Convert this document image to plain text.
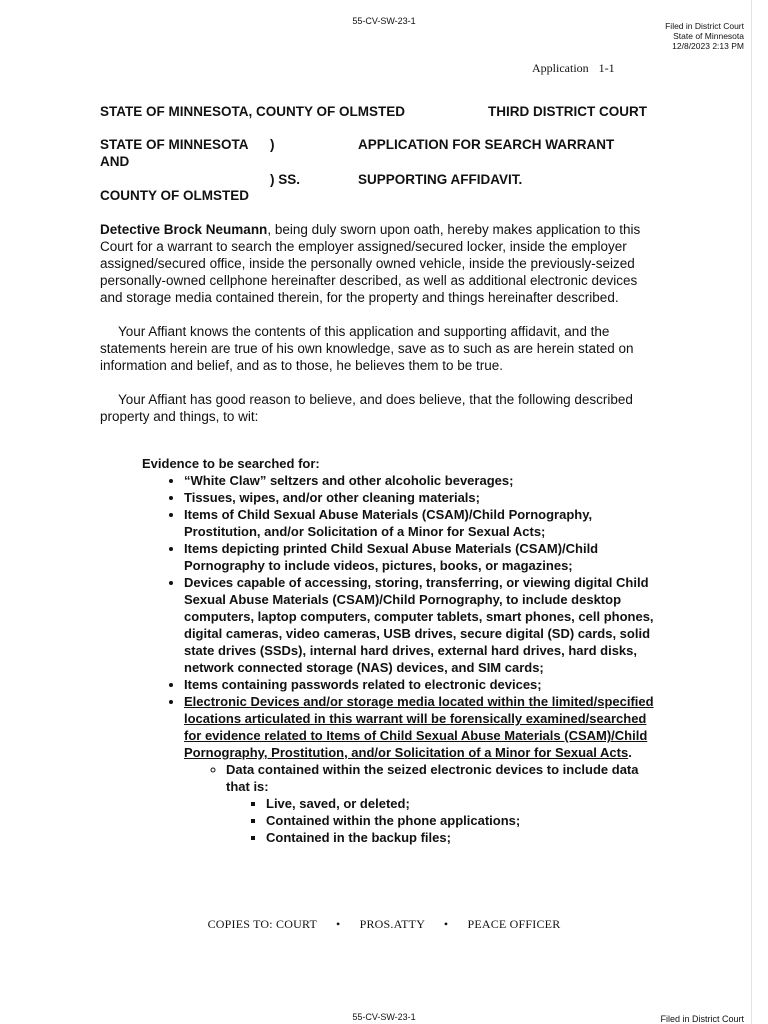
55-CV-SW-23-1	Filed in District Court
State of Minnesota
12/8/2023 2:13 PM
Application 1-1
STATE OF MINNESOTA, COUNTY OF OLMSTED	THIRD DISTRICT COURT
STATE OF MINNESOTA )	APPLICATION FOR SEARCH WARRANT
AND
) SS.	SUPPORTING AFFIDAVIT.
COUNTY OF OLMSTED

Detective Brock Neumann, being duly sworn upon oath, hereby makes application to this Court for a warrant to search the employer assigned/secured locker, inside the employer assigned/secured office, inside the personally owned vehicle, inside the previously-seized personally-owned cellphone hereinafter described, as well as additional electronic devices and storage media contained therein, for the property and things hereinafter described.

Your Affiant knows the contents of this application and supporting affidavit, and the statements herein are true of his own knowledge, save as to such as are herein stated on information and belief, and as to those, he believes them to be true.

Your Affiant has good reason to believe, and does believe, that the following described property and things, to wit:

Evidence to be searched for:
• “White Claw” seltzers and other alcoholic beverages;
• Tissues, wipes, and/or other cleaning materials;
• Items of Child Sexual Abuse Materials (CSAM)/Child Pornography, Prostitution, and/or Solicitation of a Minor for Sexual Acts;
• Items depicting printed Child Sexual Abuse Materials (CSAM)/Child Pornography to include videos, pictures, books, or magazines;
• Devices capable of accessing, storing, transferring, or viewing digital Child Sexual Abuse Materials (CSAM)/Child Pornography, to include desktop computers, laptop computers, computer tablets, smart phones, cell phones, digital cameras, video cameras, USB drives, secure digital (SD) cards, solid state drives (SSDs), internal hard drives, external hard drives, hard disks, network connected storage (NAS) devices, and SIM cards;
• Items containing passwords related to electronic devices;
• Electronic Devices and/or storage media located within the limited/specified locations articulated in this warrant will be forensically examined/searched for evidence related to Items of Child Sexual Abuse Materials (CSAM)/Child Pornography, Prostitution, and/or Solicitation of a Minor for Sexual Acts.
◦ Data contained within the seized electronic devices to include data that is:
▪ Live, saved, or deleted;
▪ Contained within the phone applications;
▪ Contained in the backup files;
COPIES TO: COURT • PROS.ATTY • PEACE OFFICER
55-CV-SW-23-1	Filed in District Court
